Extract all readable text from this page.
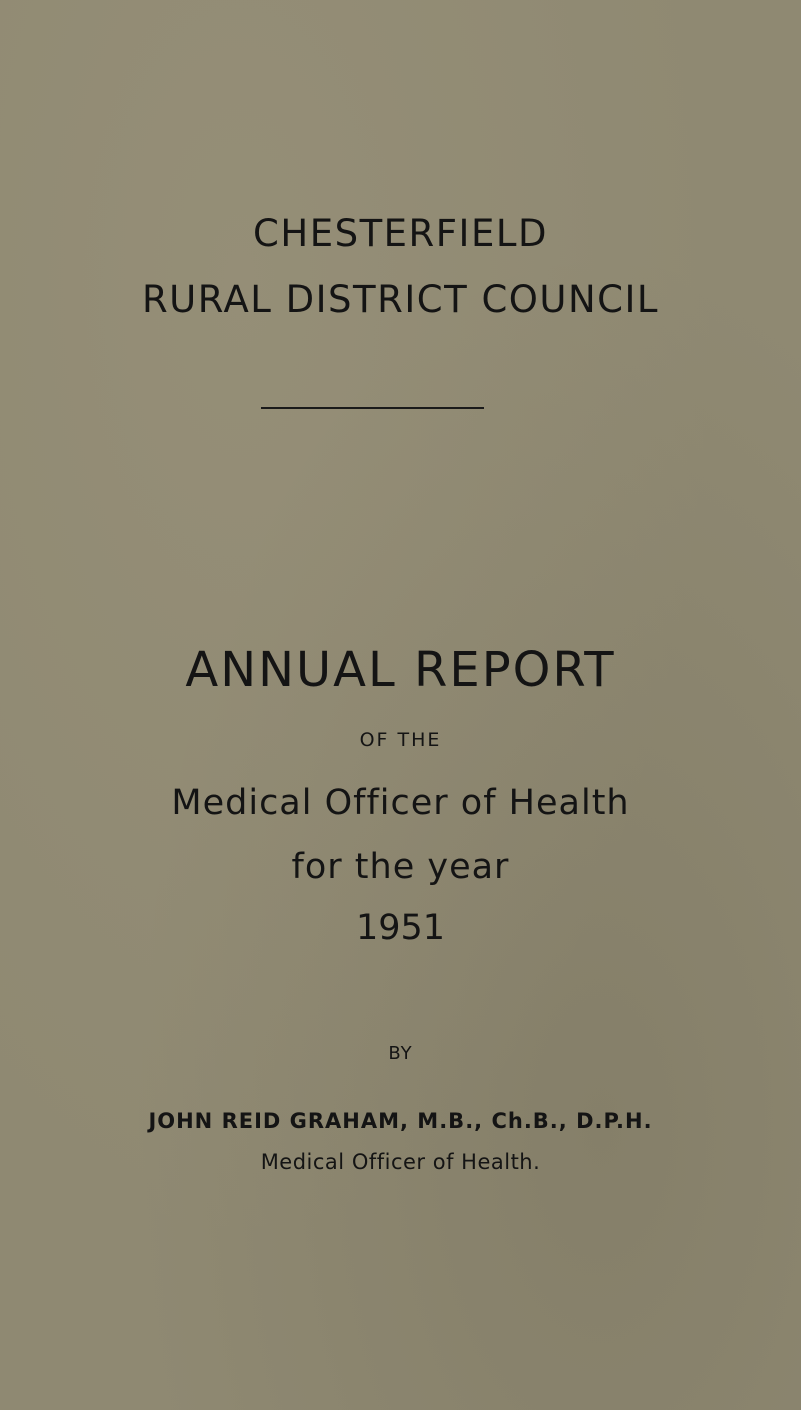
CHESTERFIELD
RURAL DISTRICT COUNCIL
ANNUAL REPORT
OF THE
Medical Officer of Health
for the year
1951
BY
JOHN REID GRAHAM, M.B., Ch.B., D.P.H.
Medical Officer of Health.
